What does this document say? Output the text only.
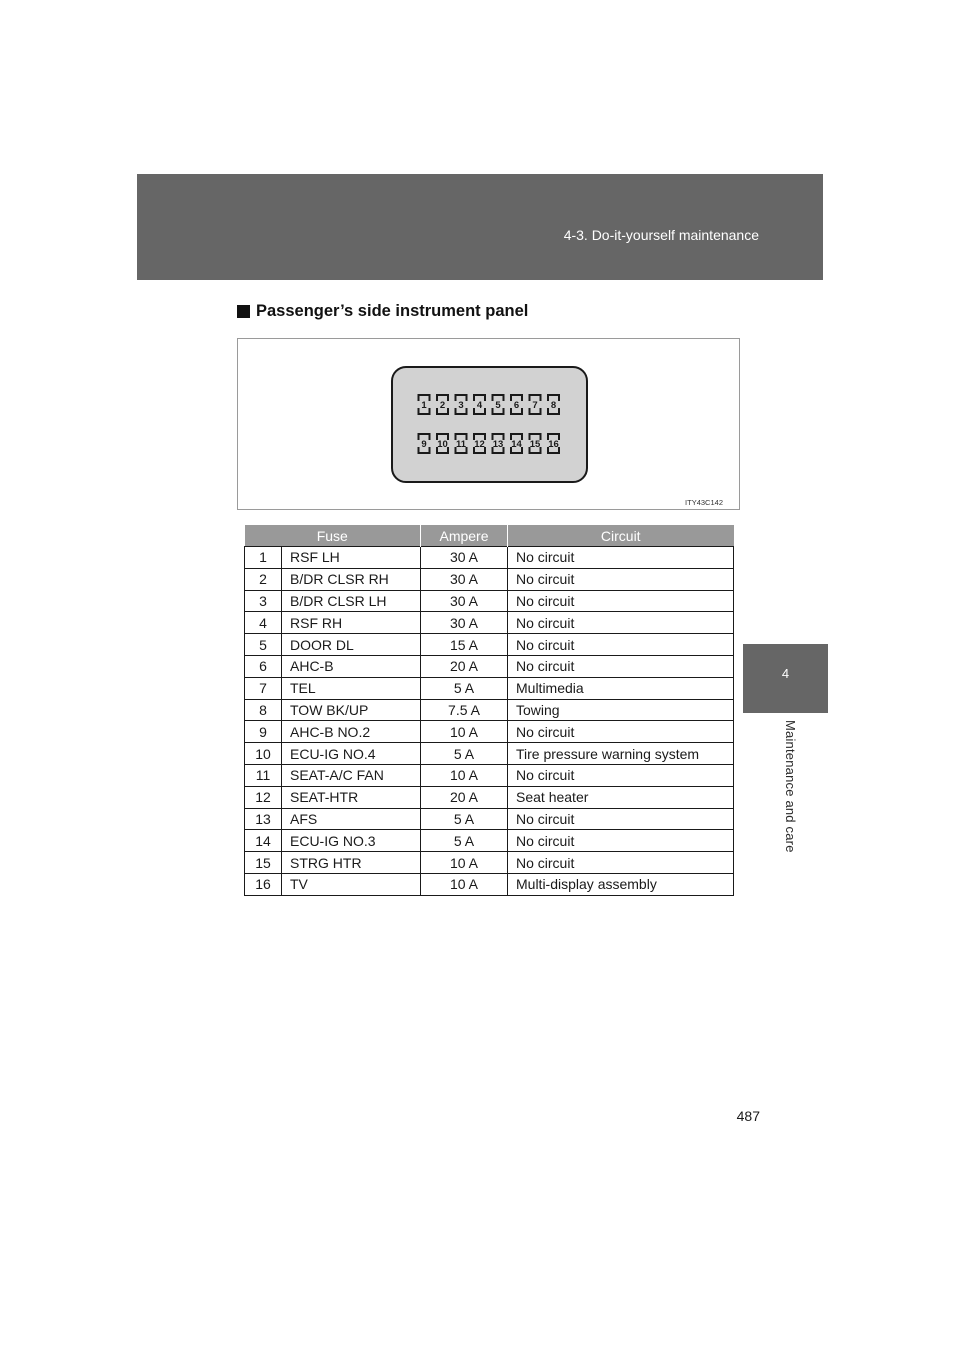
4-3. Do-it-yourself maintenance
4
Maintenance and care
Passenger’s side instrument panel
1 2 3 4 5 6 7 8
9 10 11 12 13 14 15 16
ITY43C142
Fuse		Ampere	Circuit
1	RSF LH	30 A	No circuit
2	B/DR CLSR RH	30 A	No circuit
3	B/DR CLSR LH	30 A	No circuit
4	RSF RH	30 A	No circuit
5	DOOR DL	15 A	No circuit
6	AHC-B	20 A	No circuit
7	TEL	5 A	Multimedia
8	TOW BK/UP	7.5 A	Towing
9	AHC-B NO.2	10 A	No circuit
10	ECU-IG NO.4	5 A	Tire pressure warning system
11	SEAT-A/C FAN	10 A	No circuit
12	SEAT-HTR	20 A	Seat heater
13	AFS	5 A	No circuit
14	ECU-IG NO.3	5 A	No circuit
15	STRG HTR	10 A	No circuit
16	TV	10 A	Multi-display assembly
487
